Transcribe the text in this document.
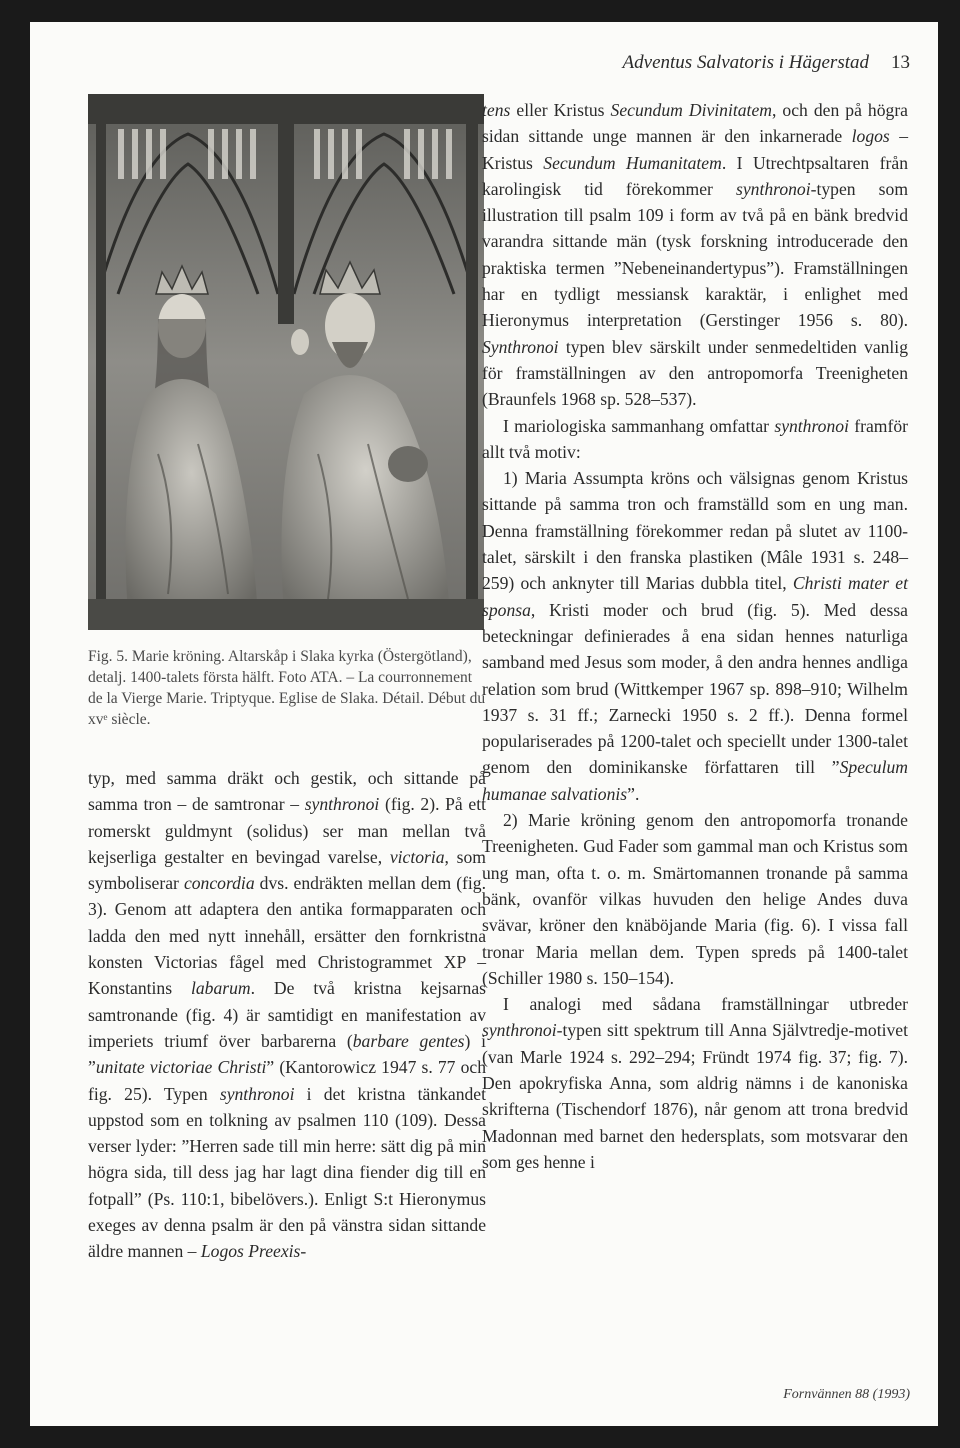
Adventus Salvatoris i Hägerstad 13
Fig. 5. Marie kröning. Altarskåp i Slaka kyrka (Östergötland), detalj. 1400-talets första hälft. Foto ATA. – La courronnement de la Vierge Marie. Triptyque. Eglise de Slaka. Détail. Début du xvᵉ siècle.

typ, med samma dräkt och gestik, och sittande på samma tron – de samtronar – synthronoi (fig. 2). På ett romerskt guldmynt (solidus) ser man mellan två kejserliga gestalter en bevingad varelse, victoria, som symboliserar concordia dvs. endräkten mellan dem (fig. 3). Genom att adaptera den antika formapparaten och ladda den med nytt innehåll, ersätter den fornkristna konsten Victorias fågel med Christogrammet XP – Konstantins labarum. De två kristna kejsarnas samtronande (fig. 4) är samtidigt en manifestation av imperiets triumf över barbarerna (barbare gentes) i ”unitate victoriae Christi” (Kantorowicz 1947 s. 77 och fig. 25). Typen synthronoi i det kristna tänkandet uppstod som en tolkning av psalmen 110 (109). Dessa verser lyder: ”Herren sade till min herre: sätt dig på min högra sida, till dess jag har lagt dina fiender dig till en fotpall” (Ps. 110:1, bibelövers.). Enligt S:t Hieronymus exeges av denna psalm är den på vänstra sidan sittande äldre mannen – Logos Preexis-

tens eller Kristus Secundum Divinitatem, och den på högra sidan sittande unge mannen är den inkarnerade logos – Kristus Secundum Humanitatem. I Utrechtpsaltaren från karolingisk tid förekommer synthronoi-typen som illustration till psalm 109 i form av två på en bänk bredvid varandra sittande män (tysk forskning introducerade den praktiska termen ”Nebeneinandertypus”). Framställningen har en tydligt messiansk karaktär, i enlighet med Hieronymus interpretation (Gerstinger 1956 s. 80). Synthronoi typen blev särskilt under senmedeltiden vanlig för framställningen av den antropomorfa Treenigheten (Braunfels 1968 sp. 528–537).

I mariologiska sammanhang omfattar synthronoi framför allt två motiv:

1) Maria Assumpta kröns och välsignas genom Kristus sittande på samma tron och framställd som en ung man. Denna framställning förekommer redan på slutet av 1100-talet, särskilt i den franska plastiken (Mâle 1931 s. 248–259) och anknyter till Marias dubbla titel, Christi mater et sponsa, Kristi moder och brud (fig. 5). Med dessa beteckningar definierades å ena sidan hennes naturliga samband med Jesus som moder, å den andra hennes andliga relation som brud (Wittkemper 1967 sp. 898–910; Wilhelm 1937 s. 31 ff.; Zarnecki 1950 s. 2 ff.). Denna formel populariserades på 1200-talet och speciellt under 1300-talet genom den dominikanske författaren till ”Speculum humanae salvationis”.

2) Marie kröning genom den antropomorfa tronande Treenigheten. Gud Fader som gammal man och Kristus som ung man, ofta t. o. m. Smärtomannen tronande på samma bänk, ovanför vilkas huvuden den helige Andes duva svävar, kröner den knäböjande Maria (fig. 6). I vissa fall tronar Maria mellan dem. Typen spreds på 1400-talet (Schiller 1980 s. 150–154).

I analogi med sådana framställningar utbreder synthronoi-typen sitt spektrum till Anna Självtredje-motivet (van Marle 1924 s. 292–294; Fründt 1974 fig. 37; fig. 7). Den apokryfiska Anna, som aldrig nämns i de kanoniska skrifterna (Tischendorf 1876), når genom att trona bredvid Madonnan med barnet den hedersplats, som motsvarar den som ges henne i

Fornvännen 88 (1993)
